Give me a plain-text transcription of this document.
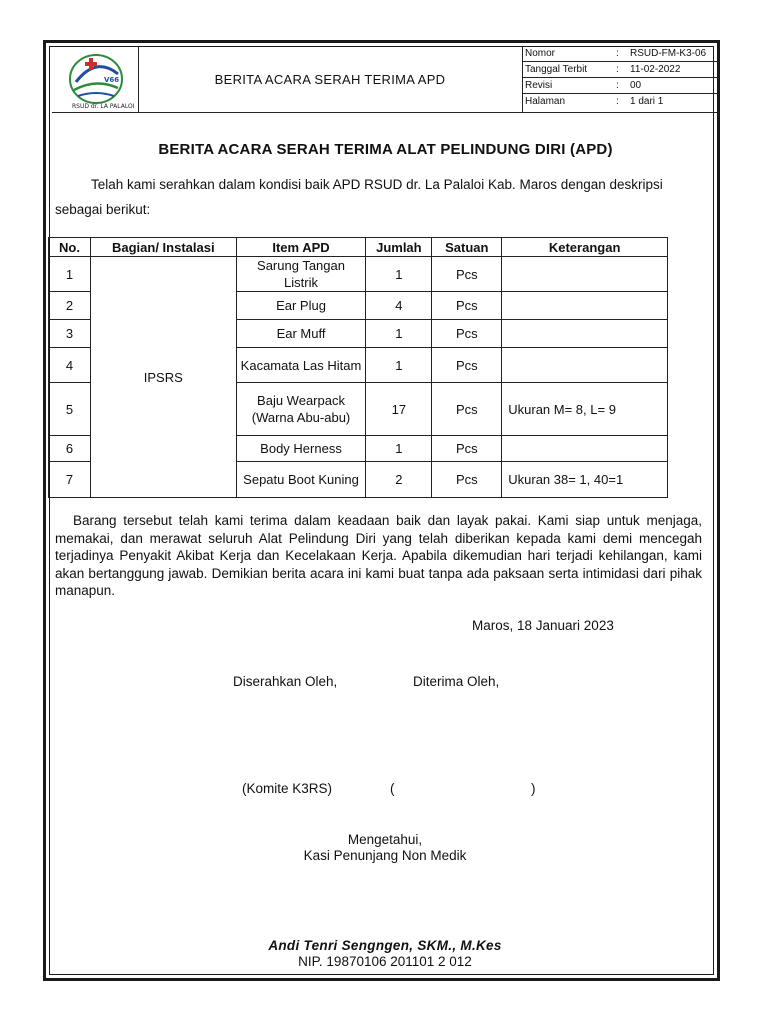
V66
RSUD dr. LA PALALOI
BERITA ACARA SERAH TERIMA APD
Nomor	:	RSUD-FM-K3-06
Tanggal Terbit	:	11-02-2022
Revisi	:	00
Halaman	:	1 dari 1
BERITA ACARA SERAH TERIMA ALAT PELINDUNG DIRI (APD)
Telah kami serahkan dalam kondisi baik APD RSUD dr. La Palaloi Kab. Maros dengan deskripsi sebagai berikut:
No.	Bagian/ Instalasi	Item APD	Jumlah	Satuan	Keterangan
1	IPSRS	Sarung Tangan Listrik	1	Pcs	
2		Ear Plug	4	Pcs	
3		Ear Muff	1	Pcs	
4		Kacamata Las Hitam	1	Pcs	
5		Baju Wearpack (Warna Abu-abu)	17	Pcs	Ukuran M= 8, L= 9
6		Body Herness	1	Pcs	
7		Sepatu Boot Kuning	2	Pcs	Ukuran 38= 1, 40=1
Barang tersebut telah kami terima dalam keadaan baik dan layak pakai. Kami siap untuk menjaga, memakai, dan merawat seluruh Alat Pelindung Diri yang telah diberikan kepada kami demi mencegah terjadinya Penyakit Akibat Kerja dan Kecelakaan Kerja. Apabila dikemudian hari terjadi kehilangan, kami akan bertanggung jawab. Demikian berita acara ini kami buat tanpa ada paksaan serta intimidasi dari pihak manapun.
Maros, 18 Januari 2023
Diserahkan Oleh,	Diterima Oleh,
(Komite K3RS)	(	)
Mengetahui,
Kasi Penunjang Non Medik
Andi Tenri Sengngen, SKM., M.Kes
NIP. 19870106 201101 2 012
